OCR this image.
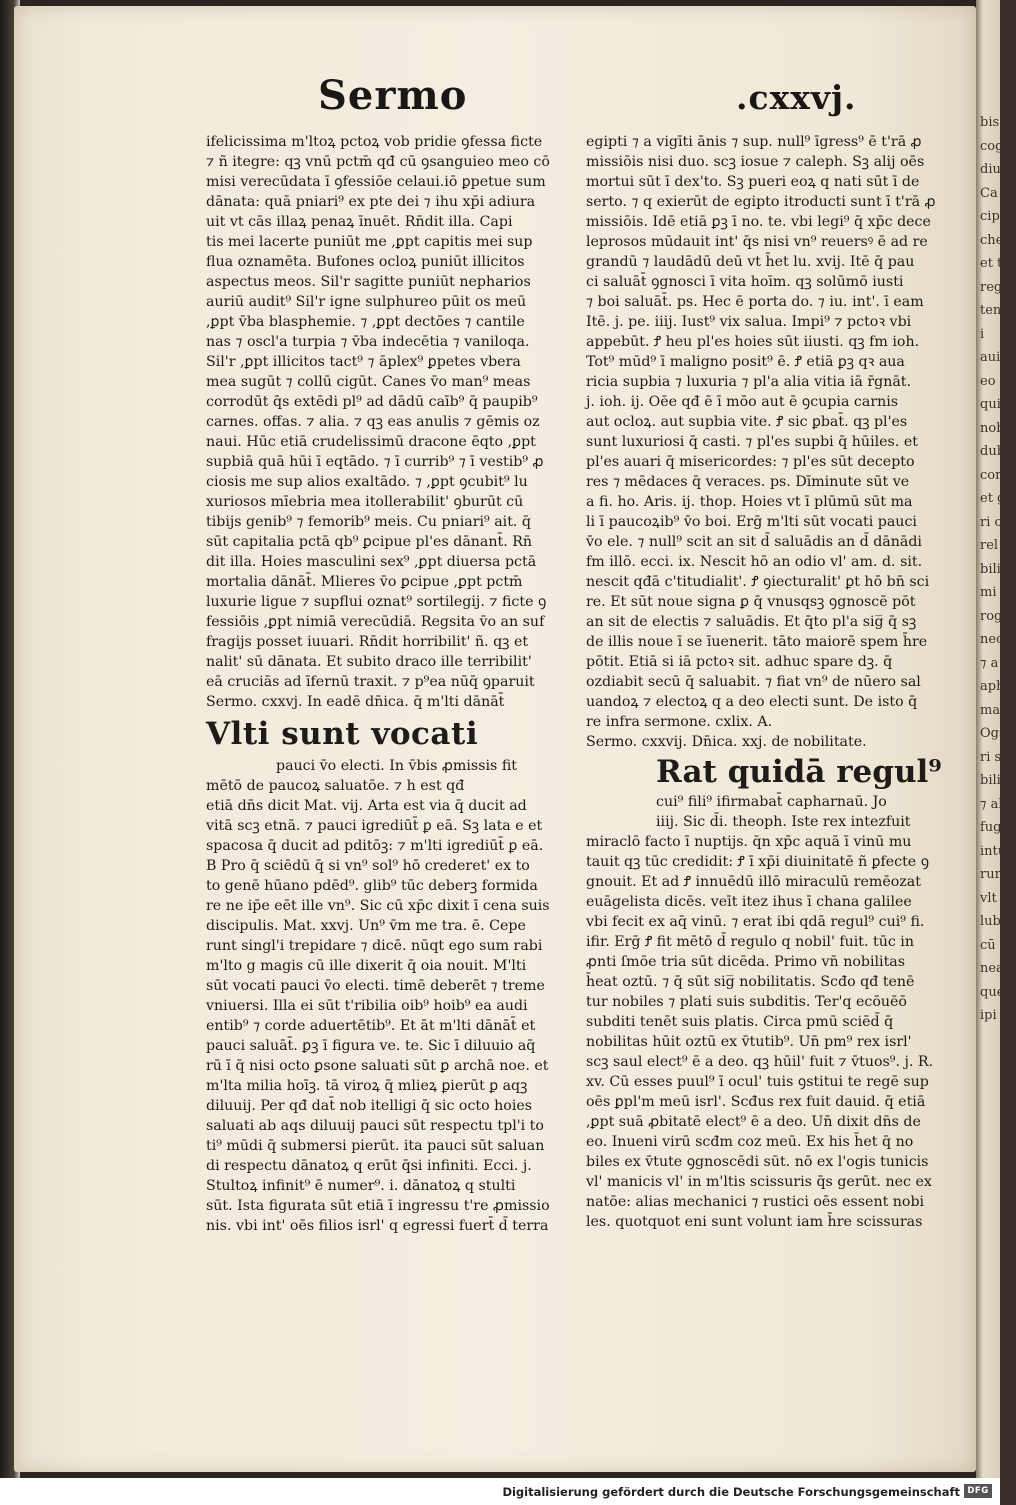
bis
cogn
diui
Ca
cipal
chel
et t
rege
tene
i
auid
eo s
qui t
nobi
dubi
conc
et g
ri ce
rel
bilis
mi o
rogn
nece
⁊ a
apha
mana
Ogs
ri sc
bilit
⁊ ali
fugit
intu
rur a
vlt
lubi
cū p
nea
que
ipi
Sermo	.cxxvj.
ifelicissima m'ltoꝝ pctoꝝ vob pridie ꝯfessa ficte
⁊ ñ itegre: qꝫ vnū pctm̄ qđ cū ꝯsanguieo meo cō
misi verecūdata ī ꝯfessiōe celaui.iō ꝑpetue sum
dānata: quā pniari⁹ ex pte dei ⁊ ihu xp̄i adiura
uit vt cās illaꝝ penaꝝ īnuēt. Rn̄dit illa. Capi
tis mei lacerte puniūt me ,ꝑpt capitis mei sup
flua oznamēta. Bufones ocloꝝ puniūt illicitos
aspectus meos. Sil'r sagitte puniūt nepharios
auriū audit⁹ Sil'r igne sulphureo pūit os meū
,ꝑpt v̄ba blasphemie. ⁊ ,ꝑpt dectōes ⁊ cantile
nas ⁊ oscl'a turpia ⁊ v̄ba indecētia ⁊ vaniloqa.
Sil'r ,ꝑpt illicitos tact⁹ ⁊ āplex⁹ ꝑpetes vbera
mea sugūt ⁊ collū cigūt. Canes v̄o man⁹ meas
corrodūt q̄s extēdi pl⁹ ad dādū caīb⁹ q̄ paupib⁹
carnes. offas. ⁊ alia. ⁊ qꝫ eas anulis ⁊ gēmis oz
naui. Hūc etiā crudelissimū dracone ēqto ,ꝑpt
supbiā quā hūi ī eqtādo. ⁊ ī currib⁹ ⁊ ī vestib⁹ ꝓ
ciosis me sup alios exaltādo. ⁊ ,ꝑpt ꝯcubit⁹ lu
xuriosos mīebria mea itollerabilit' ꝯburūt cū
tibijs genib⁹ ⁊ femorib⁹ meis. Cu pniari⁹ ait. q̄
sūt capitalia pctā qb⁹ ꝑcipue pl'es dānant̄. Rn̄
dit illa. Hoies masculini sex⁹ ,ꝑpt diuersa pctā
mortalia dānāt̄. Mlieres v̄o ꝑcipue ,ꝑpt pctm̄
luxurie ligue ⁊ supflui oznat⁹ sortilegij. ⁊ ficte ꝯ
fessiōis ,ꝑpt nimiā verecūdiā. Regsita v̄o an suf
fragijs posset iuuari. Rn̄dit horribilit' ñ. qꝫ et
nalit' sū dānata. Et subito draco ille terribilit'
eā cruciās ad īfernū traxit. ⁊ p⁹ea nūq̄ ꝯparuit
Sermo. cxxvj. In eadē dn̄ica. q̄ m'lti dānāt̄
Vlti sunt vocati
pauci v̄o electi. In v̄bis ꝓmissis fit
mētō de paucoꝝ saluatōe. ⁊ h est qđ
etiā dn̄s dicit Mat. vij. Arta est via q̄ ducit ad
vitā scꝫ etnā. ⁊ pauci igrediūt̄ ꝑ eā. Sꝫ lata e et
spacosa q̄ ducit ad pditōꝫ: ⁊ m'lti igrediūt̄ ꝑ eā.
B Pro q̄ sciēdū q̄ si vn⁹ sol⁹ hō crederet' ex to
to genē hūano pdēd⁹. glib⁹ tūc deberꝫ formida
re ne ip̄e eēt ille vn⁹. Sic cū xp̄c dixit ī cena suis
discipulis. Mat. xxvj. Un⁹ v̄m me tra. ē. Cepe
runt singl'i trepidare ⁊ dicē. nūqt ego sum rabi
m'lto g magis cū ille dixerit q̄ oia nouit. M'lti
sūt vocati pauci v̄o electi. timē deberēt ⁊ treme
vniuersi. Illa ei sūt t'ribilia oib⁹ hoib⁹ ea audi
entib⁹ ⁊ corde aduertētib⁹. Et āt m'lti dānāt̄ et
pauci saluāt̄. ꝑꝫ ī figura ve. te. Sic ī diluuio aq̄
rū ī q̄ nisi octo ꝑsone saluati sūt ꝑ archā noe. et
m'lta milia hoīꝫ. tā viroꝝ q̄ mlieꝝ ꝑierūt ꝑ aqꝫ
diluuij. Per qđ dat̄ nob itelligi q̄ sic octo hoies
saluati ab aqs diluuij pauci sūt respectu tpl'i to
ti⁹ mūdi q̄ submersi pierūt. ita pauci sūt saluan
di respectu dānatoꝝ q erūt q̄si infiniti. Ecci. j.
Stultoꝝ infinit⁹ ē numer⁹. i. dānatoꝝ q stulti
sūt. Ista figurata sūt etiā ī ingressu t're ꝓmissio
nis. vbi int' oēs filios isrl' q egressi fuert̄ d̄ terra
egipti ⁊ a vigīti ānis ⁊ sup. null⁹ īgress⁹ ē t'rā ꝓ
missiōis nisi duo. scꝫ iosue ⁊ caleph. Sꝫ alij oēs
mortui sūt ī dex'to. Sꝫ pueri eoꝝ q nati sūt ī de
serto. ⁊ q exierūt de egipto itroducti sunt ī t'rā ꝓ
missiōis. Idē etiā ꝑꝫ ī no. te. vbi legi⁹ q̄ xp̄c dece
leprosos mūdauit int' q̄s nisi vn⁹ reuersꝰ ē ad re
grandū ⁊ laudādū deū vt h̄et lu. xvij. Itē q̄ pau
ci saluāt̄ ꝯgnosci ī vita hoīm. qꝫ solūmō iusti
⁊ boi saluāt̄. ps. Hec ē porta do. ⁊ iu. int'. ī eam
Itē. j. pe. iiij. Iust⁹ vix salua. Impi⁹ ⁊ pctoꝛ vbi
appebūt. Ꝭ heu pl'es hoies sūt iiusti. qꝫ fm ioh.
Tot⁹ mūd⁹ ī maligno posit⁹ ē. Ꝭ etiā ꝑꝫ qꝛ aua
ricia supbia ⁊ luxuria ⁊ pl'a alia vitia iā r̄gnāt.
j. ioh. ij. Oēe qđ ē ī mōo aut ē ꝯcupia carnis
aut ocloꝝ. aut supbia vite. Ꝭ sic ꝑbat̄. qꝫ pl'es
sunt luxuriosi q̄ casti. ⁊ pl'es supbi q̄ hūiles. et
pl'es auari q̄ misericordes: ⁊ pl'es sūt decepto
res ⁊ mēdaces q̄ veraces. ps. Dīminute sūt ve
a fi. ho. Aris. ij. thop. Hoies vt ī plūmū sūt ma
li ī paucoꝝib⁹ v̄o boi. Erḡ m'lti sūt vocati pauci
v̄o ele. ⁊ null⁹ scit an sit d̄ saluādis an d̄ dānādi
fm illō. ecci. ix. Nescit hō an odio vl' am. d. sit.
nescit qđā c'titudialit'. Ꝭ ꝯiecturalit' ꝑt hō bn̄ sci
re. Et sūt noue signa ꝑ q̄ vnusqsꝫ ꝯgnoscē pōt
an sit de electis ⁊ saluādis. Et q̄to pl'a sig̅ q̄ sꝫ
de illis noue ī se īuenerit. tāto maiorē spem h̄re
pōtit. Etiā si iā pctoꝛ sit. adhuc spare dꝫ. q̄
ozdiabit secū q̄ saluabit. ⁊ fiat vn⁹ de nūero sal
uandoꝝ ⁊ electoꝝ q a deo electi sunt. De isto q̄
re infra sermone. cxlix. A.
Sermo. cxxvij. Dn̄ica. xxj. de nobilitate.
Rat quidā regul⁹
cui⁹ fili⁹ ifirmabat̄ capharnaū. Jo
iiij. Sic d̄i. theoph. Iste rex intezfuit
miraclō facto ī nuptijs. q̄n xp̄c aquā ī vinū mu
tauit qꝫ tūc credidit: Ꝭ ī xp̄i diuinitatē ñ ꝑfecte ꝯ
gnouit. Et ad Ꝭ innuēdū illō miraculū remēozat
euāgelista dicēs. veīt itez ihus ī chana galilee
vbi fecit ex aq̄ vinū. ⁊ erat ibi qdā regul⁹ cui⁹ fi.
ifir. Erḡ Ꝭ fit mētō d̄ regulo q nobil' fuit. tūc in
ꝓnti ſmōe tria sūt dicēda. Primo vn̄ nobilitas
h̄eat oztū. ⁊ q̄ sūt sig̅ nobilitatis. Scđo qđ tenē
tur nobiles ⁊ plati suis subditis. Ter'q ecōuēō
subditi tenēt suis platis. Circa pmū sciēd̄ q̄
nobilitas hūit oztū ex v̄tutib⁹. Un̄ pm⁹ rex isrl'
scꝫ saul elect⁹ ē a deo. qꝫ hūil' fuit ⁊ v̄tuos⁹. j. R.
xv. Cū esses puul⁹ ī ocul' tuis ꝯstitui te regē sup
oēs ꝑpl'm meū isrl'. Scđus rex fuit dauid. q̄ etiā
,ꝑpt suā ꝓbitatē elect⁹ ē a deo. Un̄ dixit dn̄s de
eo. Inueni virū scđm coz meū. Ex his h̄et q̄ no
biles ex v̄tute ꝯgnoscēdi sūt. nō ex l'ogis tunicis
vl' manicis vl' in m'ltis scissuris q̄s gerūt. nec ex
natōe: alias mechanici ⁊ rustici oēs essent nobi
les. quotquot eni sunt volunt iam h̄re scissuras
Digitalisierung gefördert durch die Deutsche Forschungsgemeinschaft DFG
